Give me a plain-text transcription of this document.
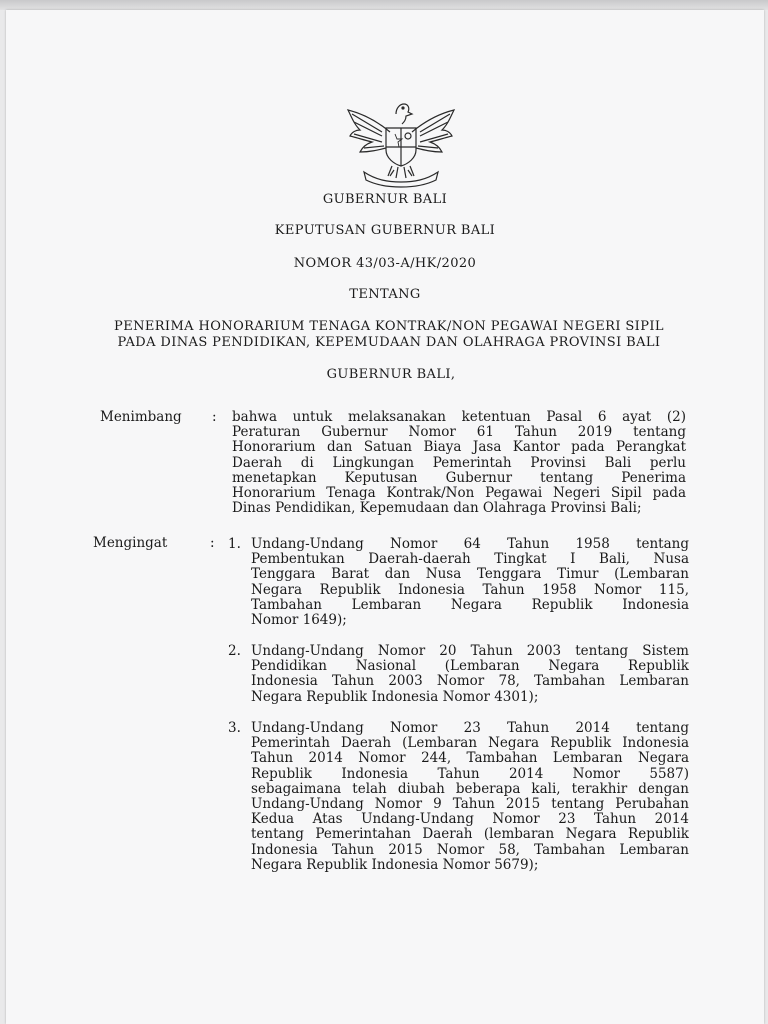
GUBERNUR BALI
KEPUTUSAN GUBERNUR BALI
NOMOR 43/03-A/HK/2020
TENTANG
PENERIMA HONORARIUM TENAGA KONTRAK/NON PEGAWAI NEGERI SIPIL
PADA DINAS PENDIDIKAN, KEPEMUDAAN DAN OLAHRAGA PROVINSI BALI
GUBERNUR BALI,
Menimbang : bahwa untuk melaksanakan ketentuan Pasal 6 ayat (2)
Peraturan Gubernur Nomor 61 Tahun 2019 tentang
Honorarium dan Satuan Biaya Jasa Kantor pada Perangkat
Daerah di Lingkungan Pemerintah Provinsi Bali perlu
menetapkan Keputusan Gubernur tentang Penerima
Honorarium Tenaga Kontrak/Non Pegawai Negeri Sipil pada
Dinas Pendidikan, Kepemudaan dan Olahraga Provinsi Bali;
Mengingat	: 1. Undang-Undang Nomor 64 Tahun 1958 tentang
Pembentukan Daerah-daerah Tingkat I Bali, Nusa
Tenggara Barat dan Nusa Tenggara Timur (Lembaran
Negara Republik Indonesia Tahun 1958 Nomor 115,
Tambahan Lembaran Negara Republik Indonesia
Nomor 1649);
2. Undang-Undang Nomor 20 Tahun 2003 tentang Sistem
Pendidikan Nasional (Lembaran Negara Republik
Indonesia Tahun 2003 Nomor 78, Tambahan Lembaran
Negara Republik Indonesia Nomor 4301);
3. Undang-Undang Nomor 23 Tahun 2014 tentang
Pemerintah Daerah (Lembaran Negara Republik Indonesia
Tahun 2014 Nomor 244, Tambahan Lembaran Negara
Republik Indonesia Tahun 2014 Nomor 5587)
sebagaimana telah diubah beberapa kali, terakhir dengan
Undang-Undang Nomor 9 Tahun 2015 tentang Perubahan
Kedua Atas Undang-Undang Nomor 23 Tahun 2014
tentang Pemerintahan Daerah (lembaran Negara Republik
Indonesia Tahun 2015 Nomor 58, Tambahan Lembaran
Negara Republik Indonesia Nomor 5679);
